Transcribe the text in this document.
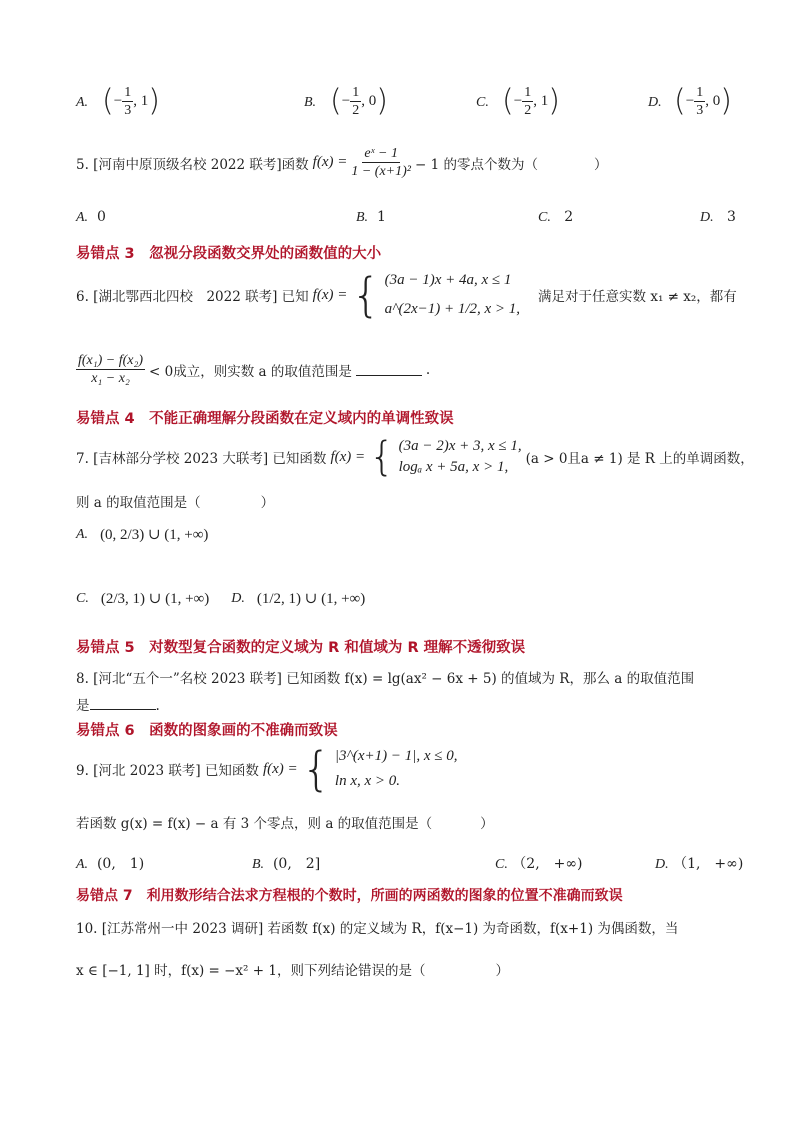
A. (− $\frac{1}{3}$ , 1)	B. (− $\frac{1}{2}$ , 0)	C. (− $\frac{1}{2}$ , 1)	D. (− $\frac{1}{3}$ , 0)
5. [河南中原顶级名校 2022 联考]函数 $f(x) = \frac{\text{eˣ − 1}}{\text{1 − (x+1)²}} - 1$ 的零点个数为（	）
A. 0	B. 1	C. 2	D. 3
易错点 3　忽视分段函数交界处的函数值的大小
6. [湖北鄂西北四校　2022 联考] 已知 f(x) = { (3a − 1)x + 4a, x ≤ 1
a^(2x−1) + 1/2, x > 1,
满足对于任意实数 x₁ ≠ x₂，都有
$\frac{\text{f(x₁) − f(x₂)}}{\text{x₁ − x₂}} < 0$成立，则实数 a 的取值范围是	.
易错点 4　不能正确理解分段函数在定义域内的单调性致误
7. [吉林部分学校 2023 大联考] 已知函数 f(x) = { (3a − 2)x + 3, x ≤ 1,
logₐ x + 5a, x > 1,	(a > 0且a ≠ 1) 是 R 上的单调函数，
则 a 的取值范围是（	）
A. (0, 2/3) ∪ (1, +∞)
C. (2/3, 1) ∪ (1, +∞) D. (1/2, 1) ∪ (1, +∞)
易错点 5　对数型复合函数的定义域为 R 和值域为 R 理解不透彻致误
8. [河北“五个一”名校 2023 联考] 已知函数 f(x) = lg(ax² − 6x + 5) 的值域为 R，那么 a 的取值范围
是	.
易错点 6　函数的图象画的不准确而致误
9. [河北 2023 联考] 已知函数 f(x) = { |3^(x+1) − 1|, x ≤ 0,
ln x, x > 0.
若函数 g(x) = f(x) − a 有 3 个零点，则 a 的取值范围是（	）
A. (0,　1)	B. (0,　2]	C. （2,　+∞)	D. （1,　+∞)
易错点 7　利用数形结合法求方程根的个数时，所画的两函数的图象的位置不准确而致误
10. [江苏常州一中 2023 调研] 若函数 f(x) 的定义域为 R，f(x−1) 为奇函数，f(x+1) 为偶函数，当
x ∈ [−1, 1] 时，f(x) = −x² + 1，则下列结论错误的是（	）
